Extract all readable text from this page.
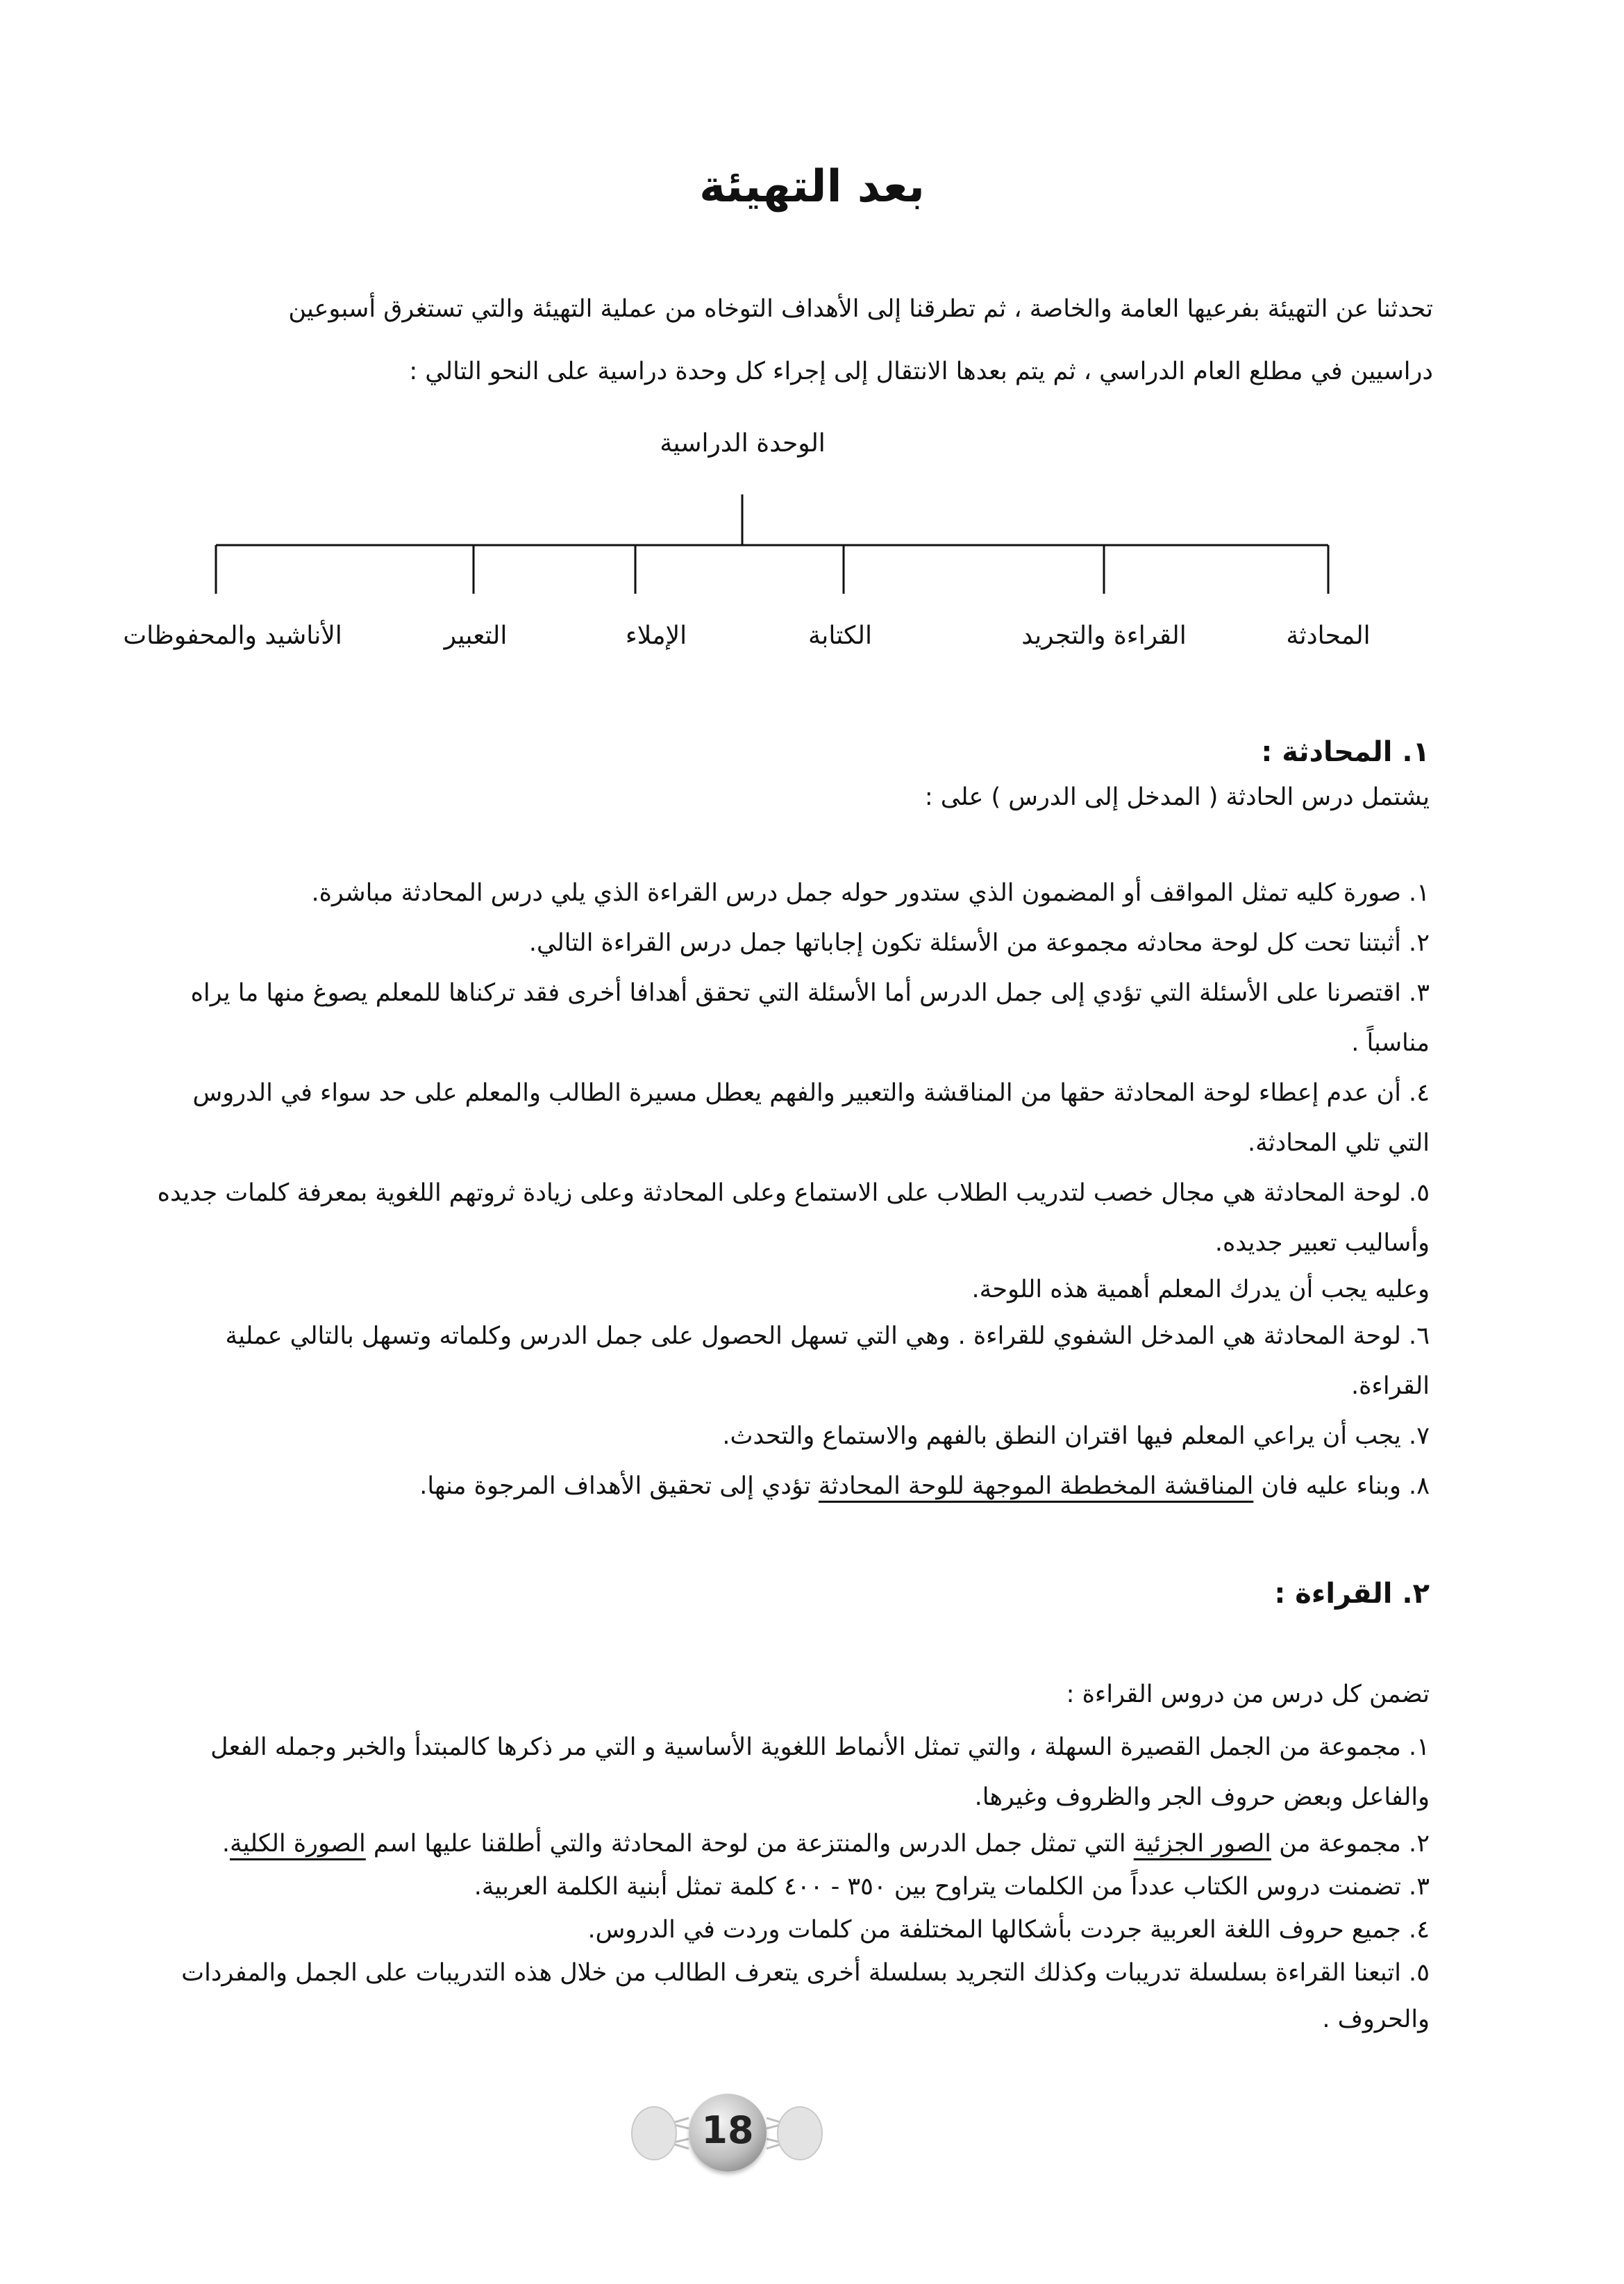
بعد التهيئة
تحدثنا عن التهيئة بفرعيها العامة والخاصة ، ثم تطرقنا إلى الأهداف التوخاه من عملية التهيئة والتي تستغرق أسبوعين
دراسيين في مطلع العام الدراسي ، ثم يتم بعدها الانتقال إلى إجراء كل وحدة دراسية على النحو التالي :
الوحدة الدراسية
المحادثة
القراءة والتجريد
الكتابة
الإملاء
التعبير
الأناشيد والمحفوظات
١. المحادثة :
يشتمل درس الحادثة ( المدخل إلى الدرس ) على :
١. صورة كليه تمثل المواقف أو المضمون الذي ستدور حوله جمل درس القراءة الذي يلي درس المحادثة مباشرة.
٢. أثبتنا تحت كل لوحة محادثه مجموعة من الأسئلة تكون إجاباتها جمل درس القراءة التالي.
٣. اقتصرنا على الأسئلة التي تؤدي إلى جمل الدرس أما الأسئلة التي تحقق أهدافا أخرى فقد تركناها للمعلم يصوغ منها ما يراه
مناسباً .
٤. أن عدم إعطاء لوحة المحادثة حقها من المناقشة والتعبير والفهم يعطل مسيرة الطالب والمعلم على حد سواء في الدروس
التي تلي المحادثة.
٥. لوحة المحادثة هي مجال خصب لتدريب الطلاب على الاستماع وعلى المحادثة وعلى زيادة ثروتهم اللغوية بمعرفة كلمات جديده
وأساليب تعبير جديده.
وعليه يجب أن يدرك المعلم أهمية هذه اللوحة.
٦. لوحة المحادثة هي المدخل الشفوي للقراءة . وهي التي تسهل الحصول على جمل الدرس وكلماته وتسهل بالتالي عملية
القراءة.
٧. يجب أن يراعي المعلم فيها اقتران النطق بالفهم والاستماع والتحدث.
٨. وبناء عليه فان المناقشة المخططة الموجهة للوحة المحادثة تؤدي إلى تحقيق الأهداف المرجوة منها.
٢. القراءة :
تضمن كل درس من دروس القراءة :
١. مجموعة من الجمل القصيرة السهلة ، والتي تمثل الأنماط اللغوية الأساسية و التي مر ذكرها كالمبتدأ والخبر وجمله الفعل
والفاعل وبعض حروف الجر والظروف وغيرها.
٢. مجموعة من الصور الجزئية التي تمثل جمل الدرس والمنتزعة من لوحة المحادثة والتي أطلقنا عليها اسم الصورة الكلية.
٣. تضمنت دروس الكتاب عدداً من الكلمات يتراوح بين ٣٥٠ - ٤٠٠ كلمة تمثل أبنية الكلمة العربية.
٤. جميع حروف اللغة العربية جردت بأشكالها المختلفة من كلمات وردت في الدروس.
٥. اتبعنا القراءة بسلسلة تدريبات وكذلك التجريد بسلسلة أخرى يتعرف الطالب من خلال هذه التدريبات على الجمل والمفردات
والحروف .
18
